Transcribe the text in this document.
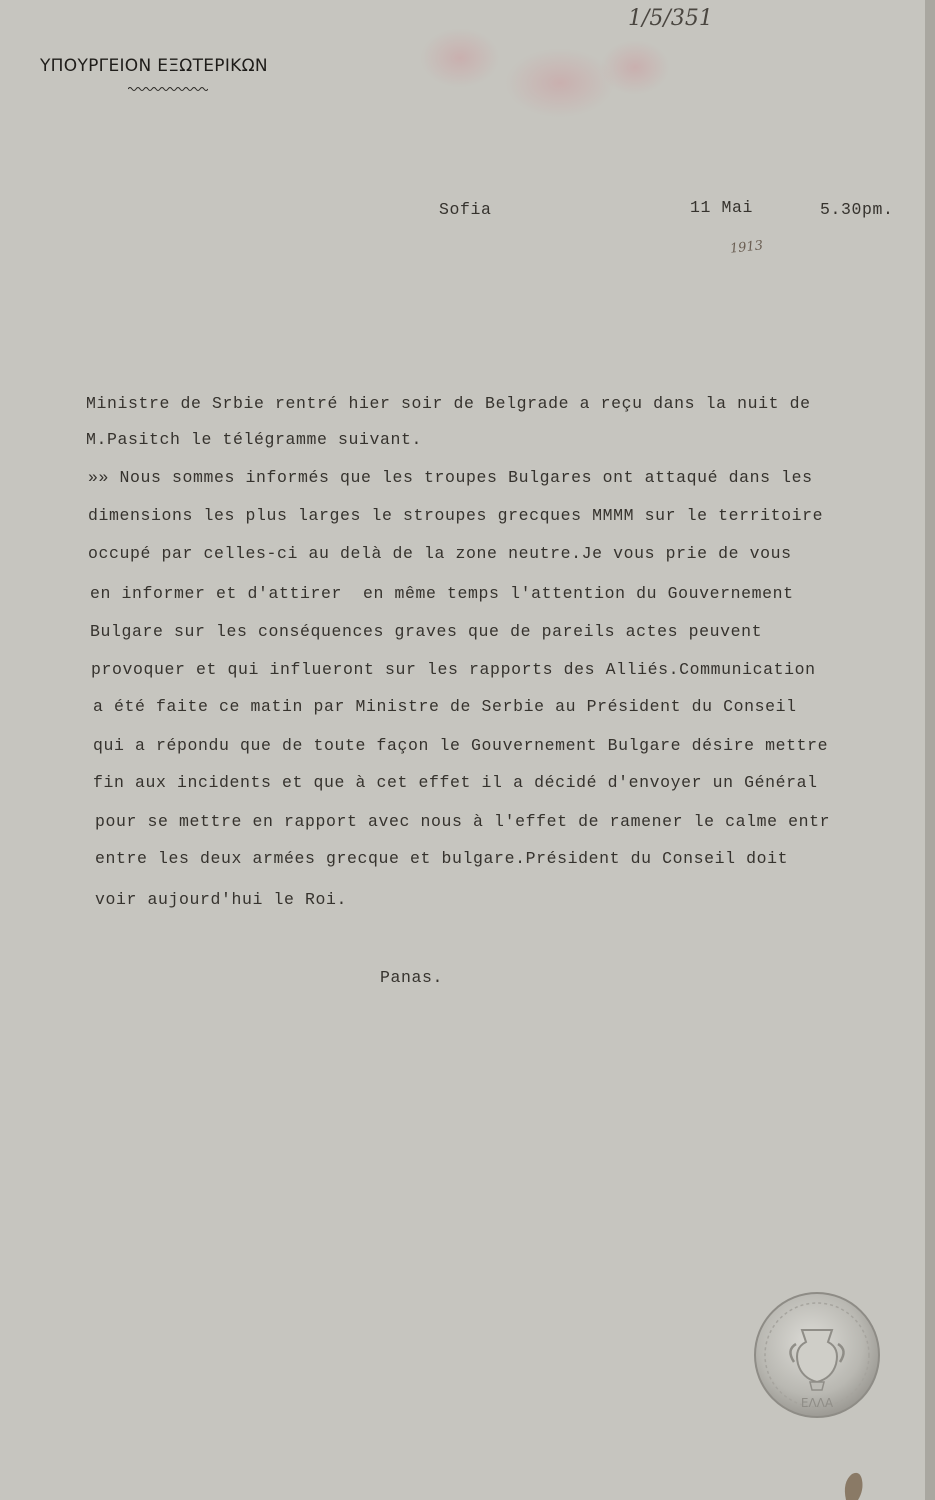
1/5/351
ΥΠΟΥΡΓΕΙΟΝ ΕΞΩΤΕΡΙΚΩΝ
Sofia	11 Mai	5.30pm.
1913
Ministre de Srbie rentré hier soir de Belgrade a reçu dans la nuit de
M.Pasitch le télégramme suivant.
»» Nous sommes informés que les troupes Bulgares ont attaqué dans les
dimensions les plus larges le stroupes grecques MMMM sur le territoire
occupé par celles-ci au delà de la zone neutre.Je vous prie de vous
en informer et d'attirer  en même temps l'attention du Gouvernement
Bulgare sur les conséquences graves que de pareils actes peuvent
provoquer et qui influeront sur les rapports des Alliés.Communication
a été faite ce matin par Ministre de Serbie au Président du Conseil
qui a répondu que de toute façon le Gouvernement Bulgare désire mettre
fin aux incidents et que à cet effet il a décidé d'envoyer un Général
pour se mettre en rapport avec nous à l'effet de ramener le calme entr
entre les deux armées grecque et bulgare.Président du Conseil doit
voir aujourd'hui le Roi.
Panas.
ΕΛΛΑ
